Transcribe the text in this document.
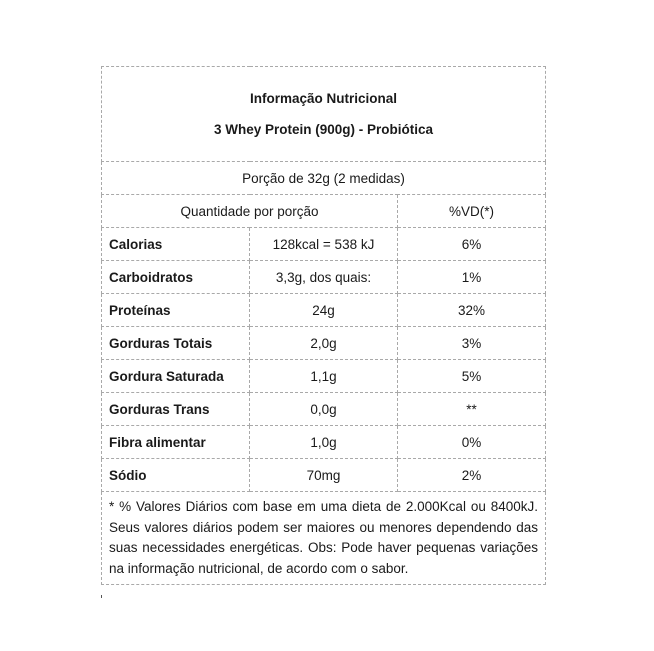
Informação Nutricional
3 Whey Protein (900g) - Probiótica		

Porção de 32g (2 medidas)		
Quantidade por porção		%VD(*)
Calorias	128kcal = 538 kJ	6%
Carboidratos	3,3g, dos quais:	1%
Proteínas	24g	32%
Gorduras Totais	2,0g	3%
Gordura Saturada	1,1g	5%
Gorduras Trans	0,0g	**
Fibra alimentar	1,0g	0%
Sódio	70mg	2%
* % Valores Diários com base em uma dieta de 2.000Kcal ou 8400kJ. Seus valores diários podem ser maiores ou menores dependendo das suas necessidades energéticas. Obs: Pode haver pequenas variações na informação nutricional, de acordo com o sabor.		
